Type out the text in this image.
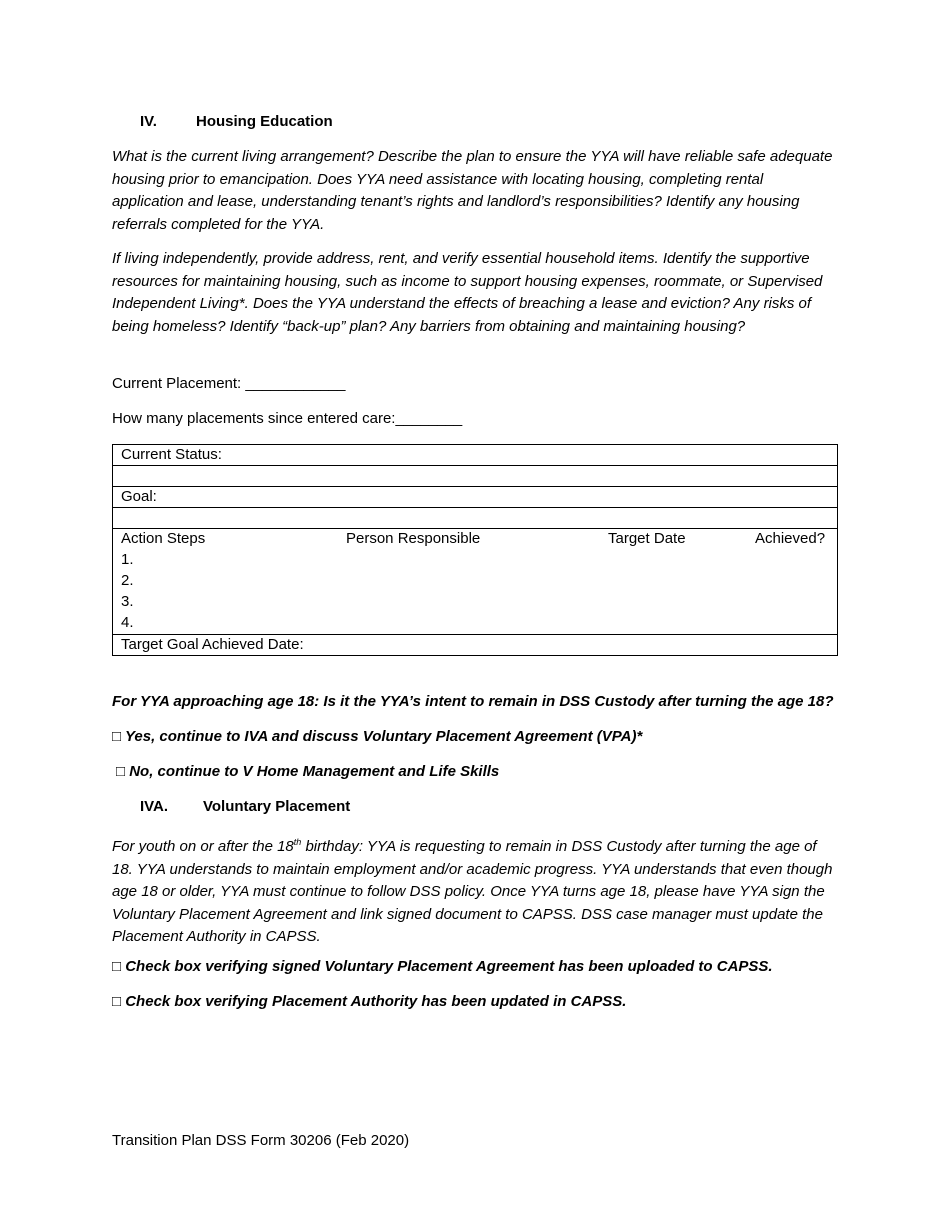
IV.	Housing Education
What is the current living arrangement? Describe the plan to ensure the YYA will have reliable safe adequate housing prior to emancipation. Does YYA need assistance with locating housing, completing rental application and lease, understanding tenant’s rights and landlord’s responsibilities? Identify any housing referrals completed for the YYA.
If living independently, provide address, rent, and verify essential household items. Identify the supportive resources for maintaining housing, such as income to support housing expenses, roommate, or Supervised Independent Living*. Does the YYA understand the effects of breaching a lease and eviction? Any risks of being homeless? Identify “back-up” plan? Any barriers from obtaining and maintaining housing?
Current Placement: ____________
How many placements since entered care:________
Current Status:

Goal:

Action Steps	Person Responsible	Target Date	Achieved?
1.
2.
3.
4.

Target Goal Achieved Date:
For YYA approaching age 18: Is it the YYA’s intent to remain in DSS Custody after turning the age 18?
□ Yes, continue to IVA and discuss Voluntary Placement Agreement (VPA)*
□ No, continue to V Home Management and Life Skills
IVA. Voluntary Placement
For youth on or after the 18th birthday: YYA is requesting to remain in DSS Custody after turning the age of 18. YYA understands to maintain employment and/or academic progress. YYA understands that even though age 18 or older, YYA must continue to follow DSS policy. Once YYA turns age 18, please have YYA sign the Voluntary Placement Agreement and link signed document to CAPSS. DSS case manager must update the Placement Authority in CAPSS.
□ Check box verifying signed Voluntary Placement Agreement has been uploaded to CAPSS.
□ Check box verifying Placement Authority has been updated in CAPSS.
Transition Plan DSS Form 30206 (Feb 2020)
